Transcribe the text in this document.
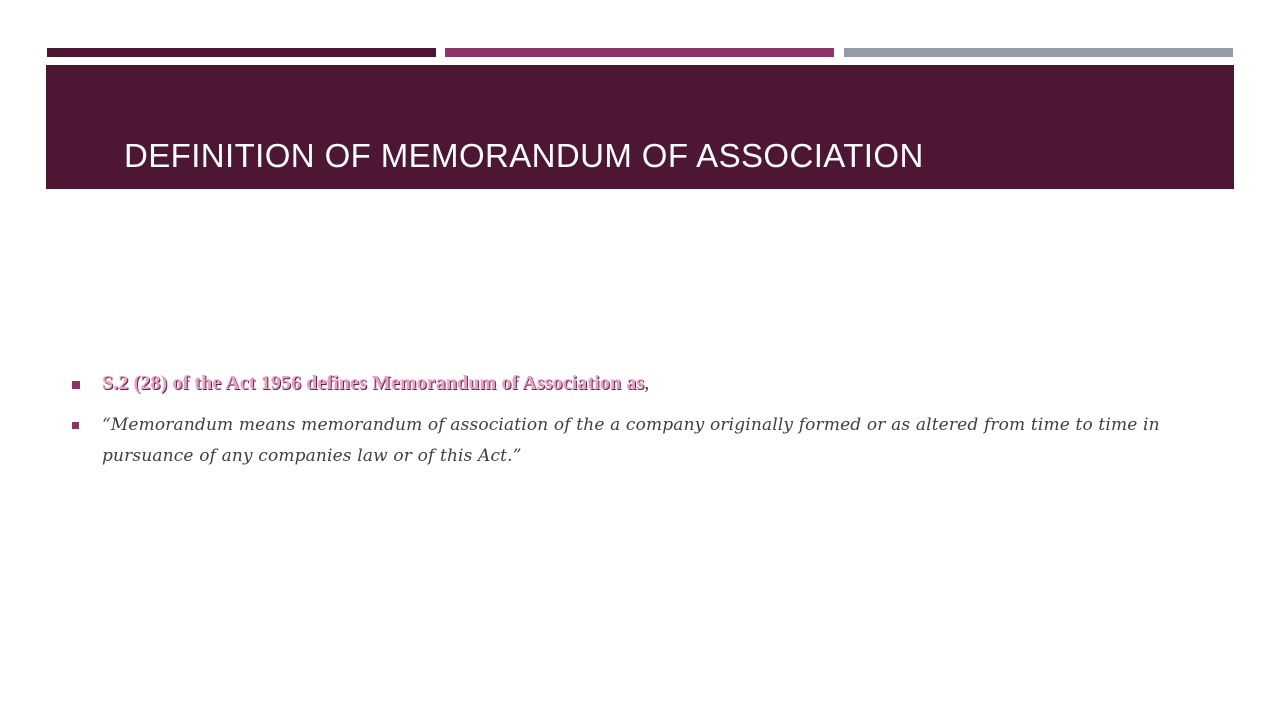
DEFINITION OF MEMORANDUM OF ASSOCIATION
S.2 (28) of the Act 1956 defines Memorandum of Association as,
“Memorandum means memorandum of association of the a company originally formed or as altered from time to time in pursuance of any companies law or of this Act.”
